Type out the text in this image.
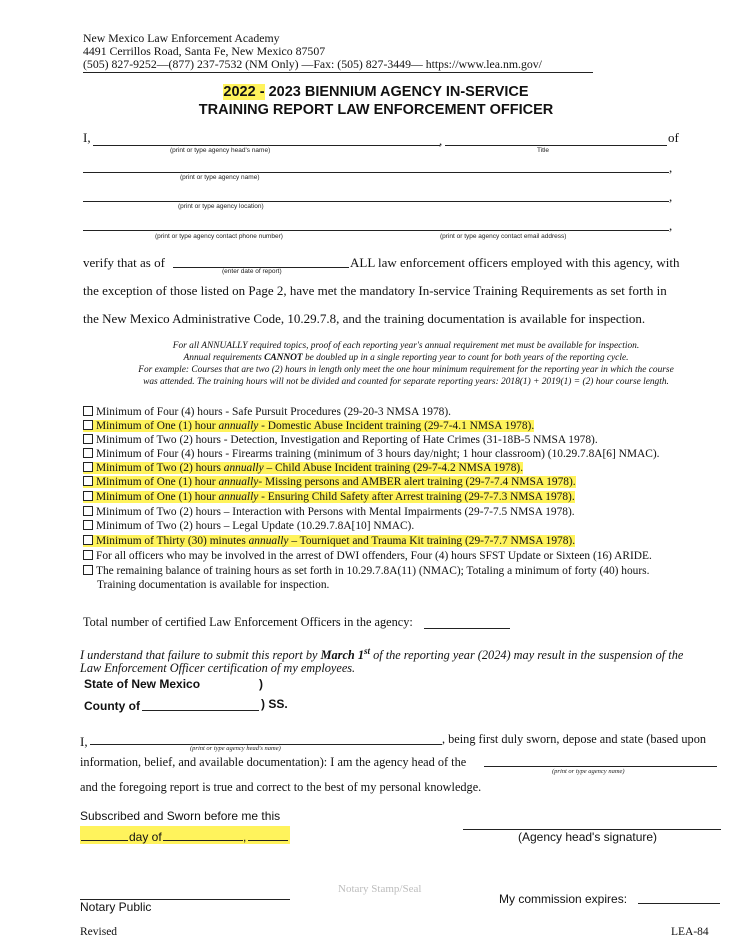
New Mexico Law Enforcement Academy
4491 Cerrillos Road, Santa Fe, New Mexico 87507
(505) 827-9252—(877) 237-7532 (NM Only) —Fax: (505) 827-3449— https://www.lea.nm.gov/
2022 - 2023 BIENNIUM AGENCY IN-SERVICE
TRAINING REPORT LAW ENFORCEMENT OFFICER
I,	,	of
(print or type agency head's name)	Title
,
(print or type agency name)
,
(print or type agency location)
,
(print or type agency contact phone number)	(print or type agency contact email address)
verify that as of
(enter date of report)
ALL law enforcement officers employed with this agency, with
the exception of those listed on Page 2, have met the mandatory In-service Training Requirements as set forth in
the New Mexico Administrative Code, 10.29.7.8, and the training documentation is available for inspection.
For all ANNUALLY required topics, proof of each reporting year's annual requirement met must be available for inspection.
Annual requirements CANNOT be doubled up in a single reporting year to count for both years of the reporting cycle.
For example: Courses that are two (2) hours in length only meet the one hour minimum requirement for the reporting year in which the course
was attended. The training hours will not be divided and counted for separate reporting years: 2018(1) + 2019(1) = (2) hour course length.
Minimum of Four (4) hours - Safe Pursuit Procedures (29-20-3 NMSA 1978).
Minimum of One (1) hour annually - Domestic Abuse Incident training (29-7-4.1 NMSA 1978).
Minimum of Two (2) hours - Detection, Investigation and Reporting of Hate Crimes (31-18B-5 NMSA 1978).
Minimum of Four (4) hours - Firearms training (minimum of 3 hours day/night; 1 hour classroom) (10.29.7.8A[6] NMAC).
Minimum of Two (2) hours annually – Child Abuse Incident training (29-7-4.2 NMSA 1978).
Minimum of One (1) hour annually- Missing persons and AMBER alert training (29-7-7.4 NMSA 1978).
Minimum of One (1) hour annually - Ensuring Child Safety after Arrest training (29-7-7.3 NMSA 1978).
Minimum of Two (2) hours – Interaction with Persons with Mental Impairments (29-7-7.5 NMSA 1978).
Minimum of Two (2) hours – Legal Update (10.29.7.8A[10] NMAC).
Minimum of Thirty (30) minutes annually – Tourniquet and Trauma Kit training (29-7-7.7 NMSA 1978).
For all officers who may be involved in the arrest of DWI offenders, Four (4) hours SFST Update or Sixteen (16) ARIDE.
The remaining balance of training hours as set forth in 10.29.7.8A(11) (NMAC); Totaling a minimum of forty (40) hours.
Training documentation is available for inspection.
Total number of certified Law Enforcement Officers in the agency:
I understand that failure to submit this report by March 1st of the reporting year (2024) may result in the suspension of the
Law Enforcement Officer certification of my employees.
State of New Mexico	)
County of	) SS.
I,	(print or type agency head's name)
, being first duly sworn, depose and state (based upon
information, belief, and available documentation): I am the agency head of the
(print or type agency name)
and the foregoing report is true and correct to the best of my personal knowledge.
Subscribed and Sworn before me this
day of	,	(Agency head's signature)
Notary Stamp/Seal
Notary Public
My commission expires:
Revised	LEA-84
